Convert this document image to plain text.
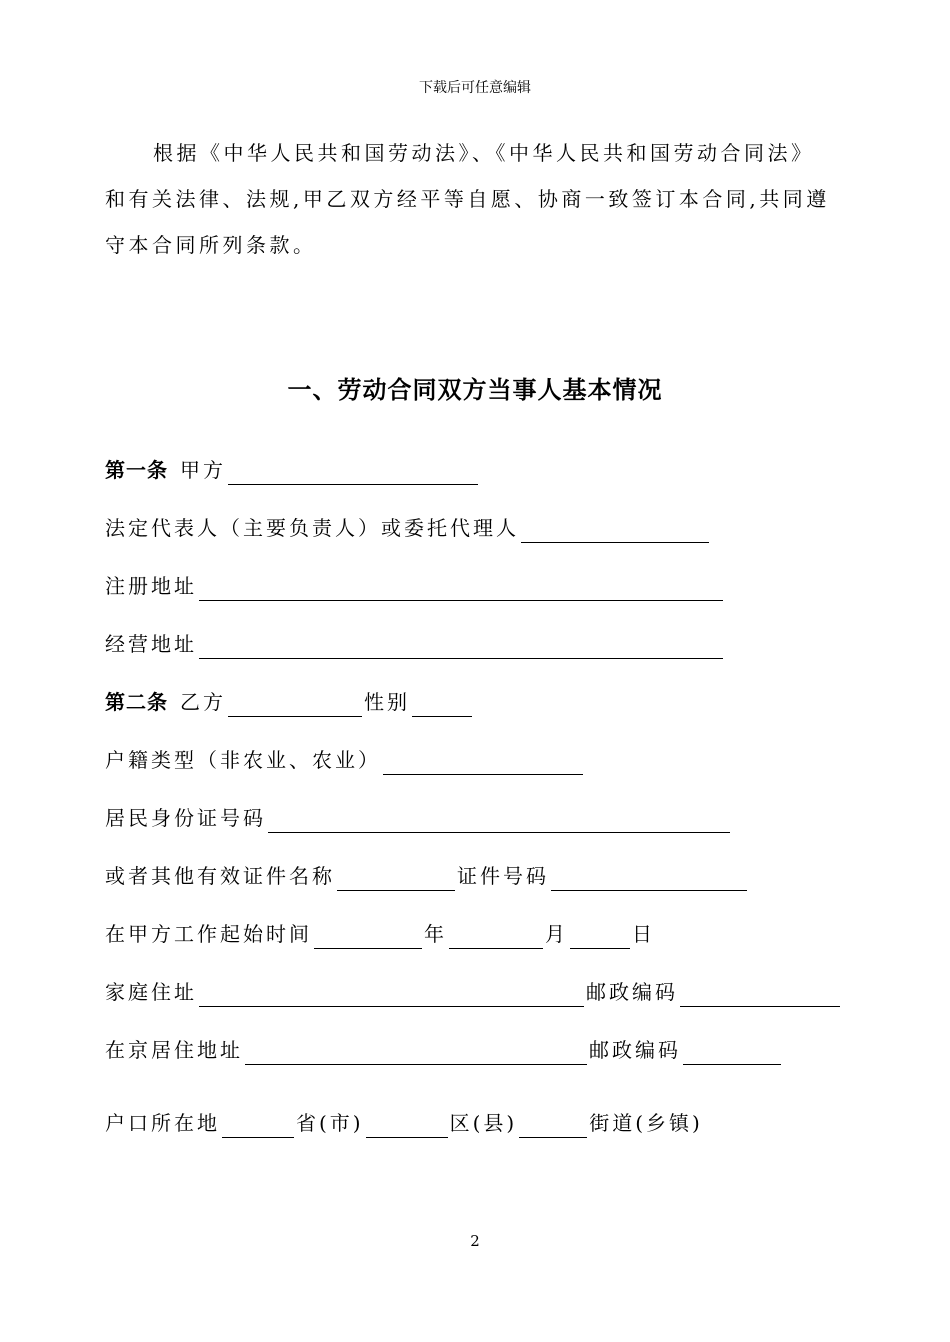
下载后可任意编辑
根据《中华人民共和国劳动法》、《中华人民共和国劳动合同法》
和有关法律、法规,甲乙双方经平等自愿、协商一致签订本合同,共同遵
守本合同所列条款。
一、劳动合同双方当事人基本情况
第一条 甲方
法定代表人（主要负责人）或委托代理人
注册地址
经营地址
第二条 乙方	性别
户籍类型（非农业、农业）
居民身份证号码
或者其他有效证件名称	证件号码
在甲方工作起始时间	年	月	日
家庭住址	邮政编码
在京居住地址	邮政编码
户口所在地	省(市)	区(县)	街道(乡镇)
2
